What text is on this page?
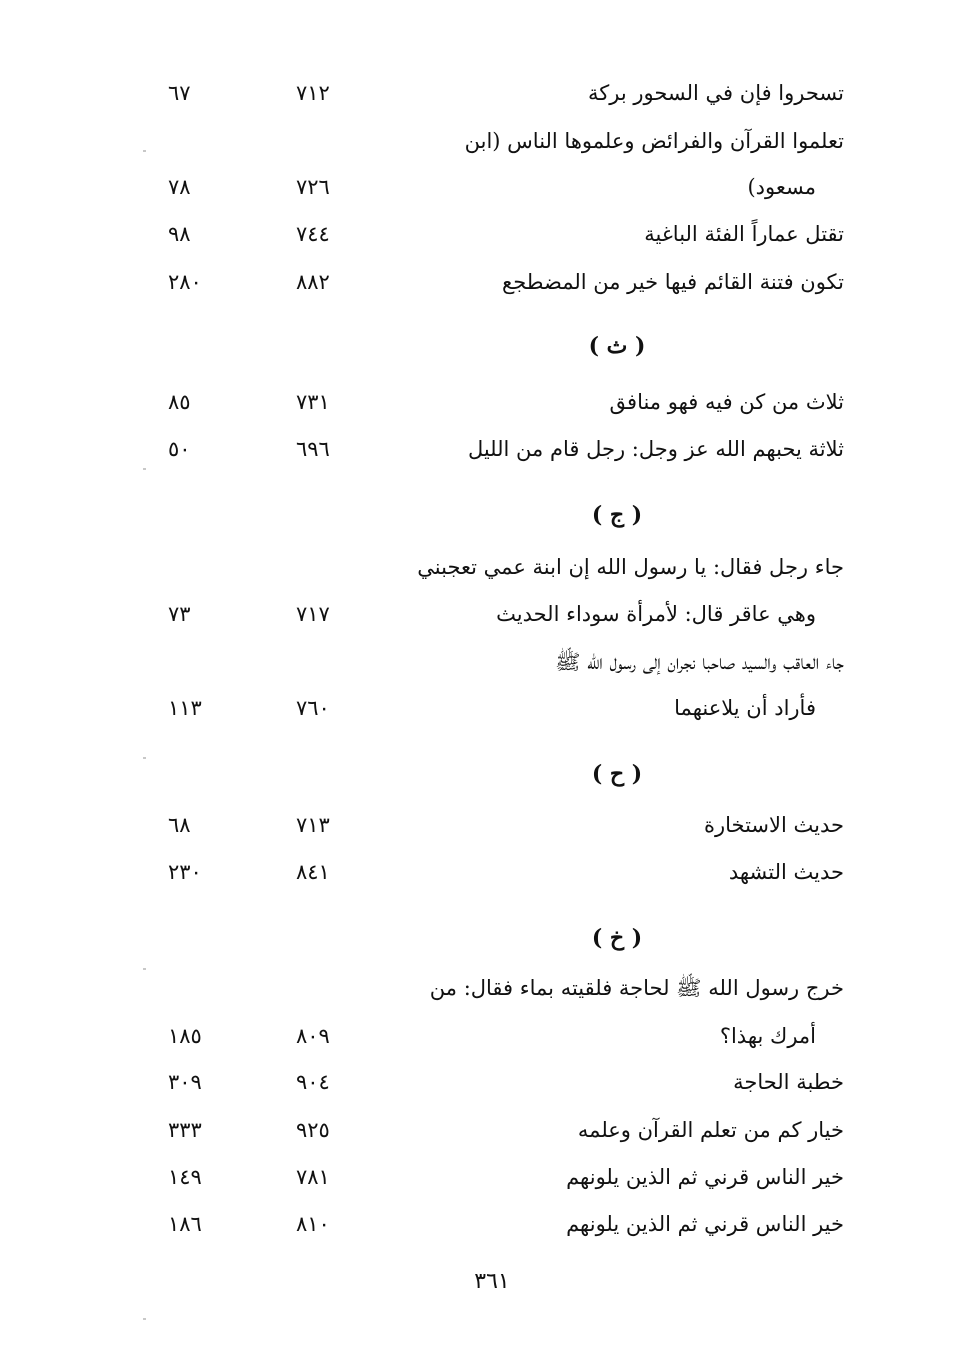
تسحروا فإن في السحور بركة
٧١٢
٦٧
تعلموا القرآن والفرائض وعلموها الناس (ابن
مسعود)
٧٢٦
٧٨
تقتل عماراً الفئة الباغية
٧٤٤
٩٨
تكون فتنة القائم فيها خير من المضطجع
٨٨٢
٢٨٠
( ث )
ثلاث من كن فيه فهو منافق
٧٣١
٨٥
ثلاثة يحبهم الله عز وجل: رجل قام من الليل
٦٩٦
٥٠
( ج )
جاء رجل فقال: يا رسول الله إن ابنة عمي تعجبني
وهي عاقر قال: لأمرأة سوداء الحديث
٧١٧
٧٣
جاء العاقب والسيد صاحبا نجران إلى رسول الله ﷺ
فأراد أن يلاعنهما
٧٦٠
١١٣
( ح )
حديث الاستخارة
٧١٣
٦٨
حديث التشهد
٨٤١
٢٣٠
( خ )
خرج رسول الله ﷺ لحاجة فلقيته بماء فقال: من
أمرك بهذا؟
٨٠٩
١٨٥
خطبة الحاجة
٩٠٤
٣٠٩
خيار كم من تعلم القرآن وعلمه
٩٢٥
٣٣٣
خير الناس قرني ثم الذين يلونهم
٧٨١
١٤٩
خير الناس قرني ثم الذين يلونهم
٨١٠
١٨٦
٣٦١
